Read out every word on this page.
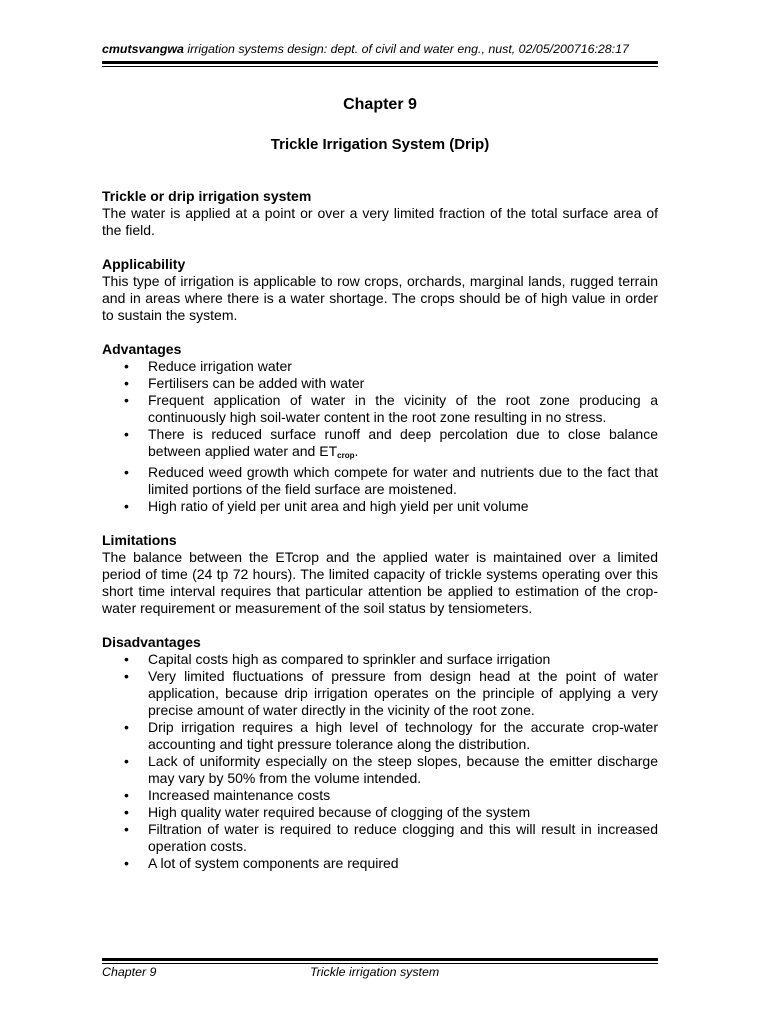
cmutsvangwa irrigation systems design: dept. of civil and water eng., nust, 02/05/200716:28:17
Chapter 9
Trickle Irrigation System (Drip)
Trickle or drip irrigation system

The water is applied at a point or over a very limited fraction of the total surface area of the field.

Applicability

This type of irrigation is applicable to row crops, orchards, marginal lands, rugged terrain and in areas where there is a water shortage. The crops should be of high value in order to sustain the system.

Advantages
• Reduce irrigation water
• Fertilisers can be added with water
• Frequent application of water in the vicinity of the root zone producing a continuously high soil-water content in the root zone resulting in no stress.
• There is reduced surface runoff and deep percolation due to close balance between applied water and $ET_{crop}$.
• Reduced weed growth which compete for water and nutrients due to the fact that limited portions of the field surface are moistened.
• High ratio of yield per unit area and high yield per unit volume
Limitations

The balance between the ETcrop and the applied water is maintained over a limited period of time (24 tp 72 hours). The limited capacity of trickle systems operating over this short time interval requires that particular attention be applied to estimation of the crop-water requirement or measurement of the soil status by tensiometers.

Disadvantages
• Capital costs high as compared to sprinkler and surface irrigation
• Very limited fluctuations of pressure from design head at the point of water application, because drip irrigation operates on the principle of applying a very precise amount of water directly in the vicinity of the root zone.
• Drip irrigation requires a high level of technology for the accurate crop-water accounting and tight pressure tolerance along the distribution.
• Lack of uniformity especially on the steep slopes, because the emitter discharge may vary by 50% from the volume intended.
• Increased maintenance costs
• High quality water required because of clogging of the system
• Filtration of water is required to reduce clogging and this will result in increased operation costs.
• A lot of system components are required
Chapter 9	Trickle irrigation system
